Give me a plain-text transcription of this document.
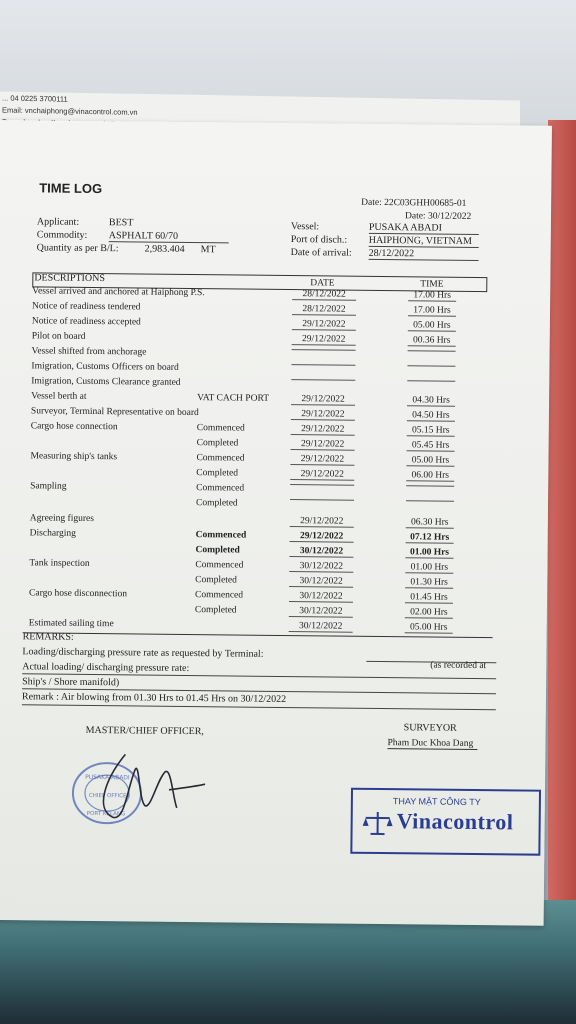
... 04 0225 3700111
Email: vnchaiphong@vinacontrol.com.vn
TIME LOG
Date: 22C03GHH00685-01
Date: 30/12/2022
Applicant:	BEST
Commodity: ASPHALT 60/70
Quantity as per B/L:	2,983.404 MT
Vessel:	PUSAKA ABADI
Port of disch.: HAIPHONG, VIETNAM
Date of arrival: 28/12/2022
DESCRIPTIONS	DATE	TIME
Vessel arrived and anchored at Haiphong P.S.	28/12/2022	17.00 Hrs
Notice of readiness tendered	28/12/2022	17.00 Hrs
Notice of readiness accepted	29/12/2022	05.00 Hrs
Pilot on board	29/12/2022	00.36 Hrs
Vessel shifted from anchorage
Imigration, Customs Officers on board
Imigration, Customs Clearance granted
Vessel berth at	VAT CACH PORT	29/12/2022	04.30 Hrs
Surveyor, Terminal Representative on board	29/12/2022	04.50 Hrs
Cargo hose connection	Commenced	29/12/2022	05.15 Hrs
Completed	29/12/2022	05.45 Hrs
Measuring ship's tanks	Commenced	29/12/2022	05.00 Hrs
Completed	29/12/2022	06.00 Hrs
Sampling	Commenced
Completed
Agreeing figures	29/12/2022	06.30 Hrs
Discharging	Commenced	29/12/2022	07.12 Hrs
Completed	30/12/2022	01.00 Hrs
Tank inspection	Commenced	30/12/2022	01.00 Hrs
Completed	30/12/2022	01.30 Hrs
Cargo hose disconnection	Commenced	30/12/2022	01.45 Hrs
Completed	30/12/2022	02.00 Hrs
Estimated sailing time	30/12/2022	05.00 Hrs
REMARKS:
Loading/discharging pressure rate as requested by Terminal:
Actual loading/ discharging pressure rate:	(as recorded at
Ship's / Shore manifold)
Remark : Air blowing from 01.30 Hrs to 01.45 Hrs on 30/12/2022
MASTER/CHIEF OFFICER,	SURVEYOR
Pham Duc Khoa Dang
PUSAKA ABADI
CHIEF OFFICER
PORT KELANG
THAY MẶT CÔNG TY
Vinacontrol
